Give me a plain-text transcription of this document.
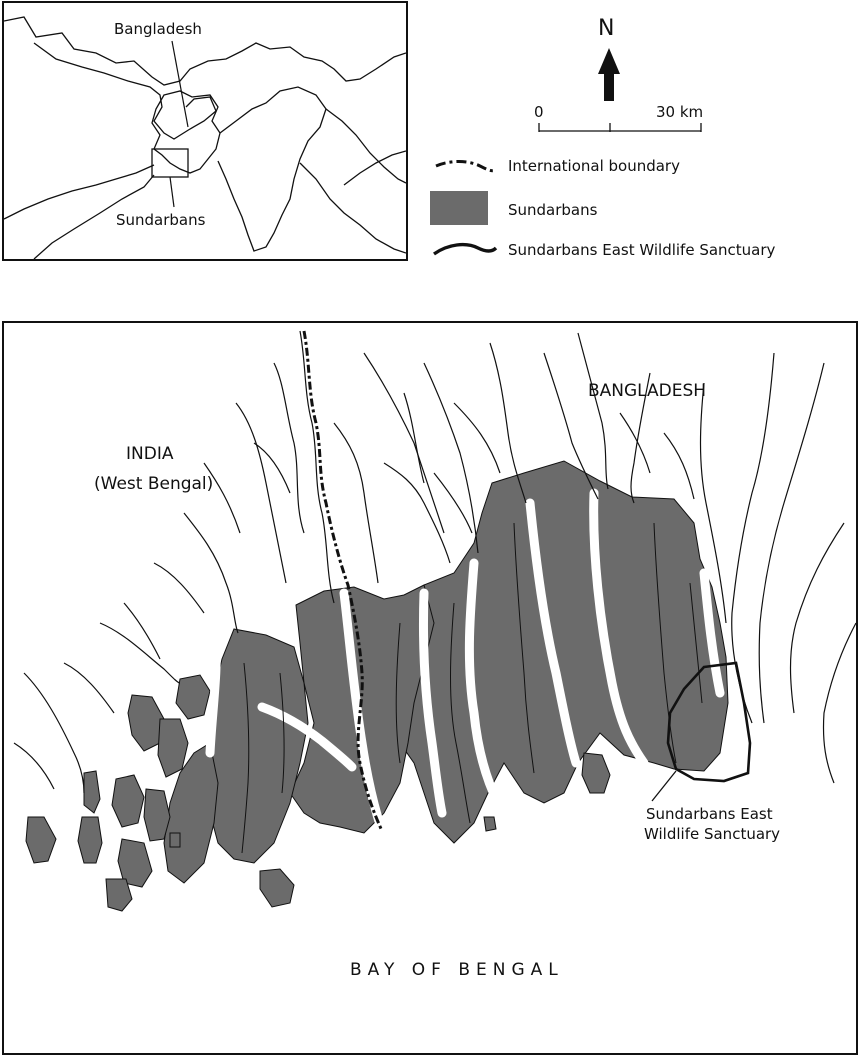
Bangladesh
Sundarbans
N
0	30 km
International boundary
Sundarbans
Sundarbans East Wildlife Sanctuary
INDIA
(West Bengal)
BANGLADESH
Sundarbans East
Wildlife Sanctuary
BAY OF BENGAL
